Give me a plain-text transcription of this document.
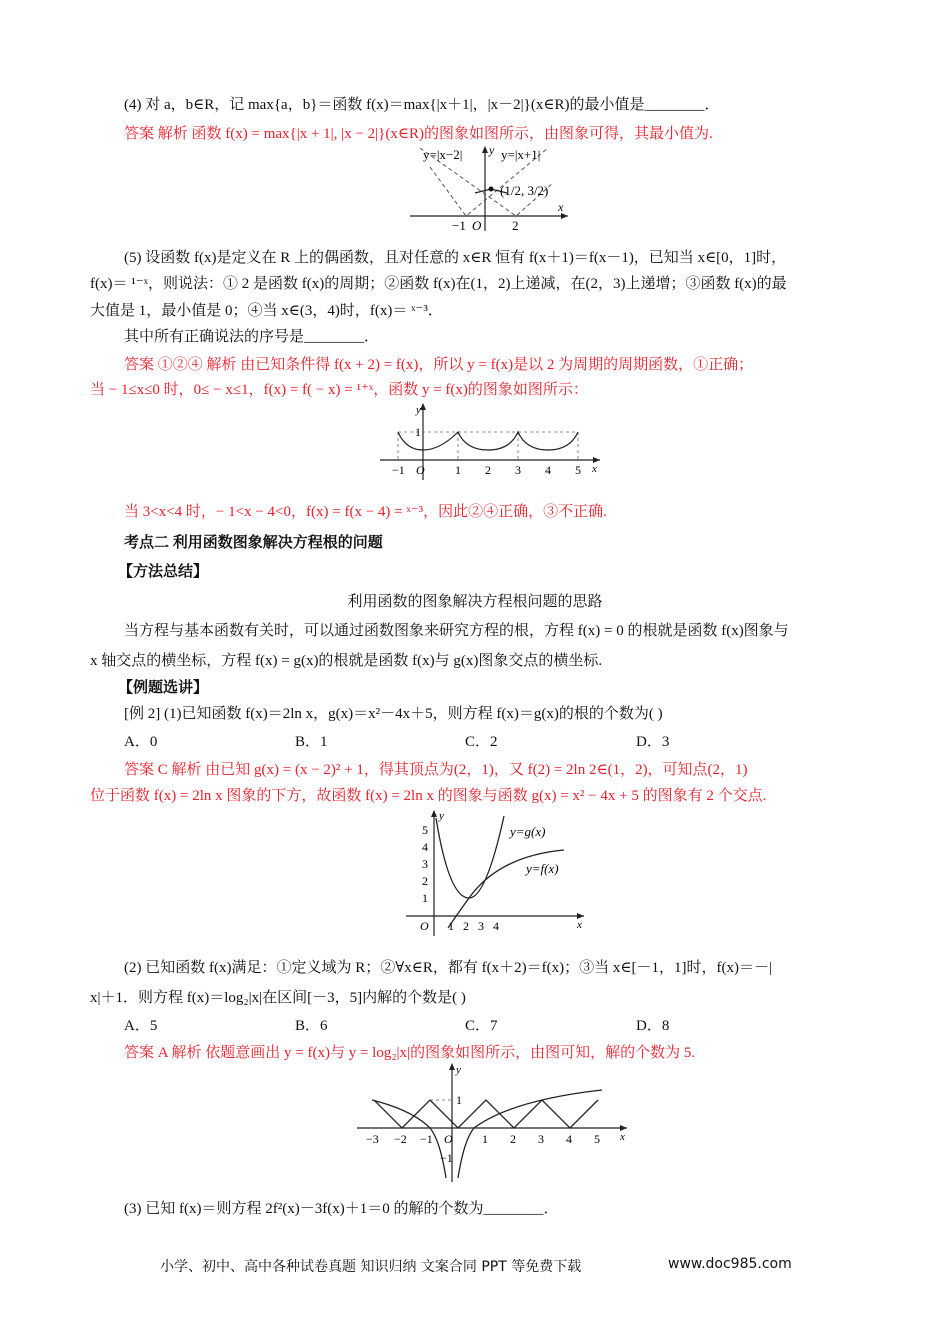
(4) 对 a，b∈R，记 max{a，b}＝函数 f(x)＝max{|x＋1|，|x－2|}(x∈R)的最小值是________．
答案 解析 函数 f(x) = max{|x + 1|, |x − 2|}(x∈R)的图象如图所示，由图象可得，其最小值为.
y=|x−2|	y=|x+1|
(1/2, 3/2)
−1 O 2
x
y
(5) 设函数 f(x)是定义在 R 上的偶函数，且对任意的 x∈R 恒有 f(x＋1)＝f(x－1)，已知当 x∈[0，1]时，
f(x)＝ ¹⁻ˣ，则说法：① 2 是函数 f(x)的周期；②函数 f(x)在(1，2)上递减，在(2，3)上递增；③函数 f(x)的最
大值是 1，最小值是 0；④当 x∈(3，4)时，f(x)＝ ˣ⁻³．
其中所有正确说法的序号是________．
答案 ①②④ 解析 由已知条件得 f(x + 2) = f(x)，所以 y = f(x)是以 2 为周期的周期函数，①正确；
当 − 1≤x≤0 时，0≤ − x≤1，f(x) = f( − x) = ¹⁺ˣ，函数 y = f(x)的图象如图所示：
−1 O	1 2 3 4 5
1
x
y
当 3<x<4 时，− 1<x − 4<0，f(x) = f(x − 4) = ˣ⁻³，因此②④正确，③不正确.
考点二 利用函数图象解决方程根的问题
【方法总结】
利用函数的图象解决方程根问题的思路
当方程与基本函数有关时，可以通过函数图象来研究方程的根，方程 f(x) = 0 的根就是函数 f(x)图象与
x 轴交点的横坐标，方程 f(x) = g(x)的根就是函数 f(x)与 g(x)图象交点的横坐标.
【例题选讲】
[例 2] (1)已知函数 f(x)＝2ln x，g(x)＝x²－4x＋5，则方程 f(x)＝g(x)的根的个数为( )
A．0	B．1	C．2	D．3
答案 C 解析 由已知 g(x) = (x − 2)² + 1，得其顶点为(2，1)，又 f(2) = 2ln 2∈(1，2)，可知点(2，1)
位于函数 f(x) = 2ln x 图象的下方，故函数 f(x) = 2ln x 的图象与函数 g(x) = x² − 4x + 5 的图象有 2 个交点.
y=g(x)
y=f(x)
1 2 3 4
1
2
3
4
5
O	x
y
(2) 已知函数 f(x)满足：①定义域为 R；②∀x∈R，都有 f(x＋2)＝f(x)；③当 x∈[－1，1]时，f(x)＝－|
x|＋1．则方程 f(x)＝log₂|x|在区间[－3，5]内解的个数是( )
A．5	B．6	C．7	D．8
答案 A 解析 依题意画出 y = f(x)与 y = log₂|x|的图象如图所示，由图可知，解的个数为 5.
−3 −2 −1 O 1 2 3 4 5
1
−1
x
y
(3) 已知 f(x)＝则方程 2f²(x)－3f(x)＋1＝0 的解的个数为________．
小学、初中、高中各种试卷真题 知识归纳 文案合同 PPT 等免费下载	www.doc985.com
